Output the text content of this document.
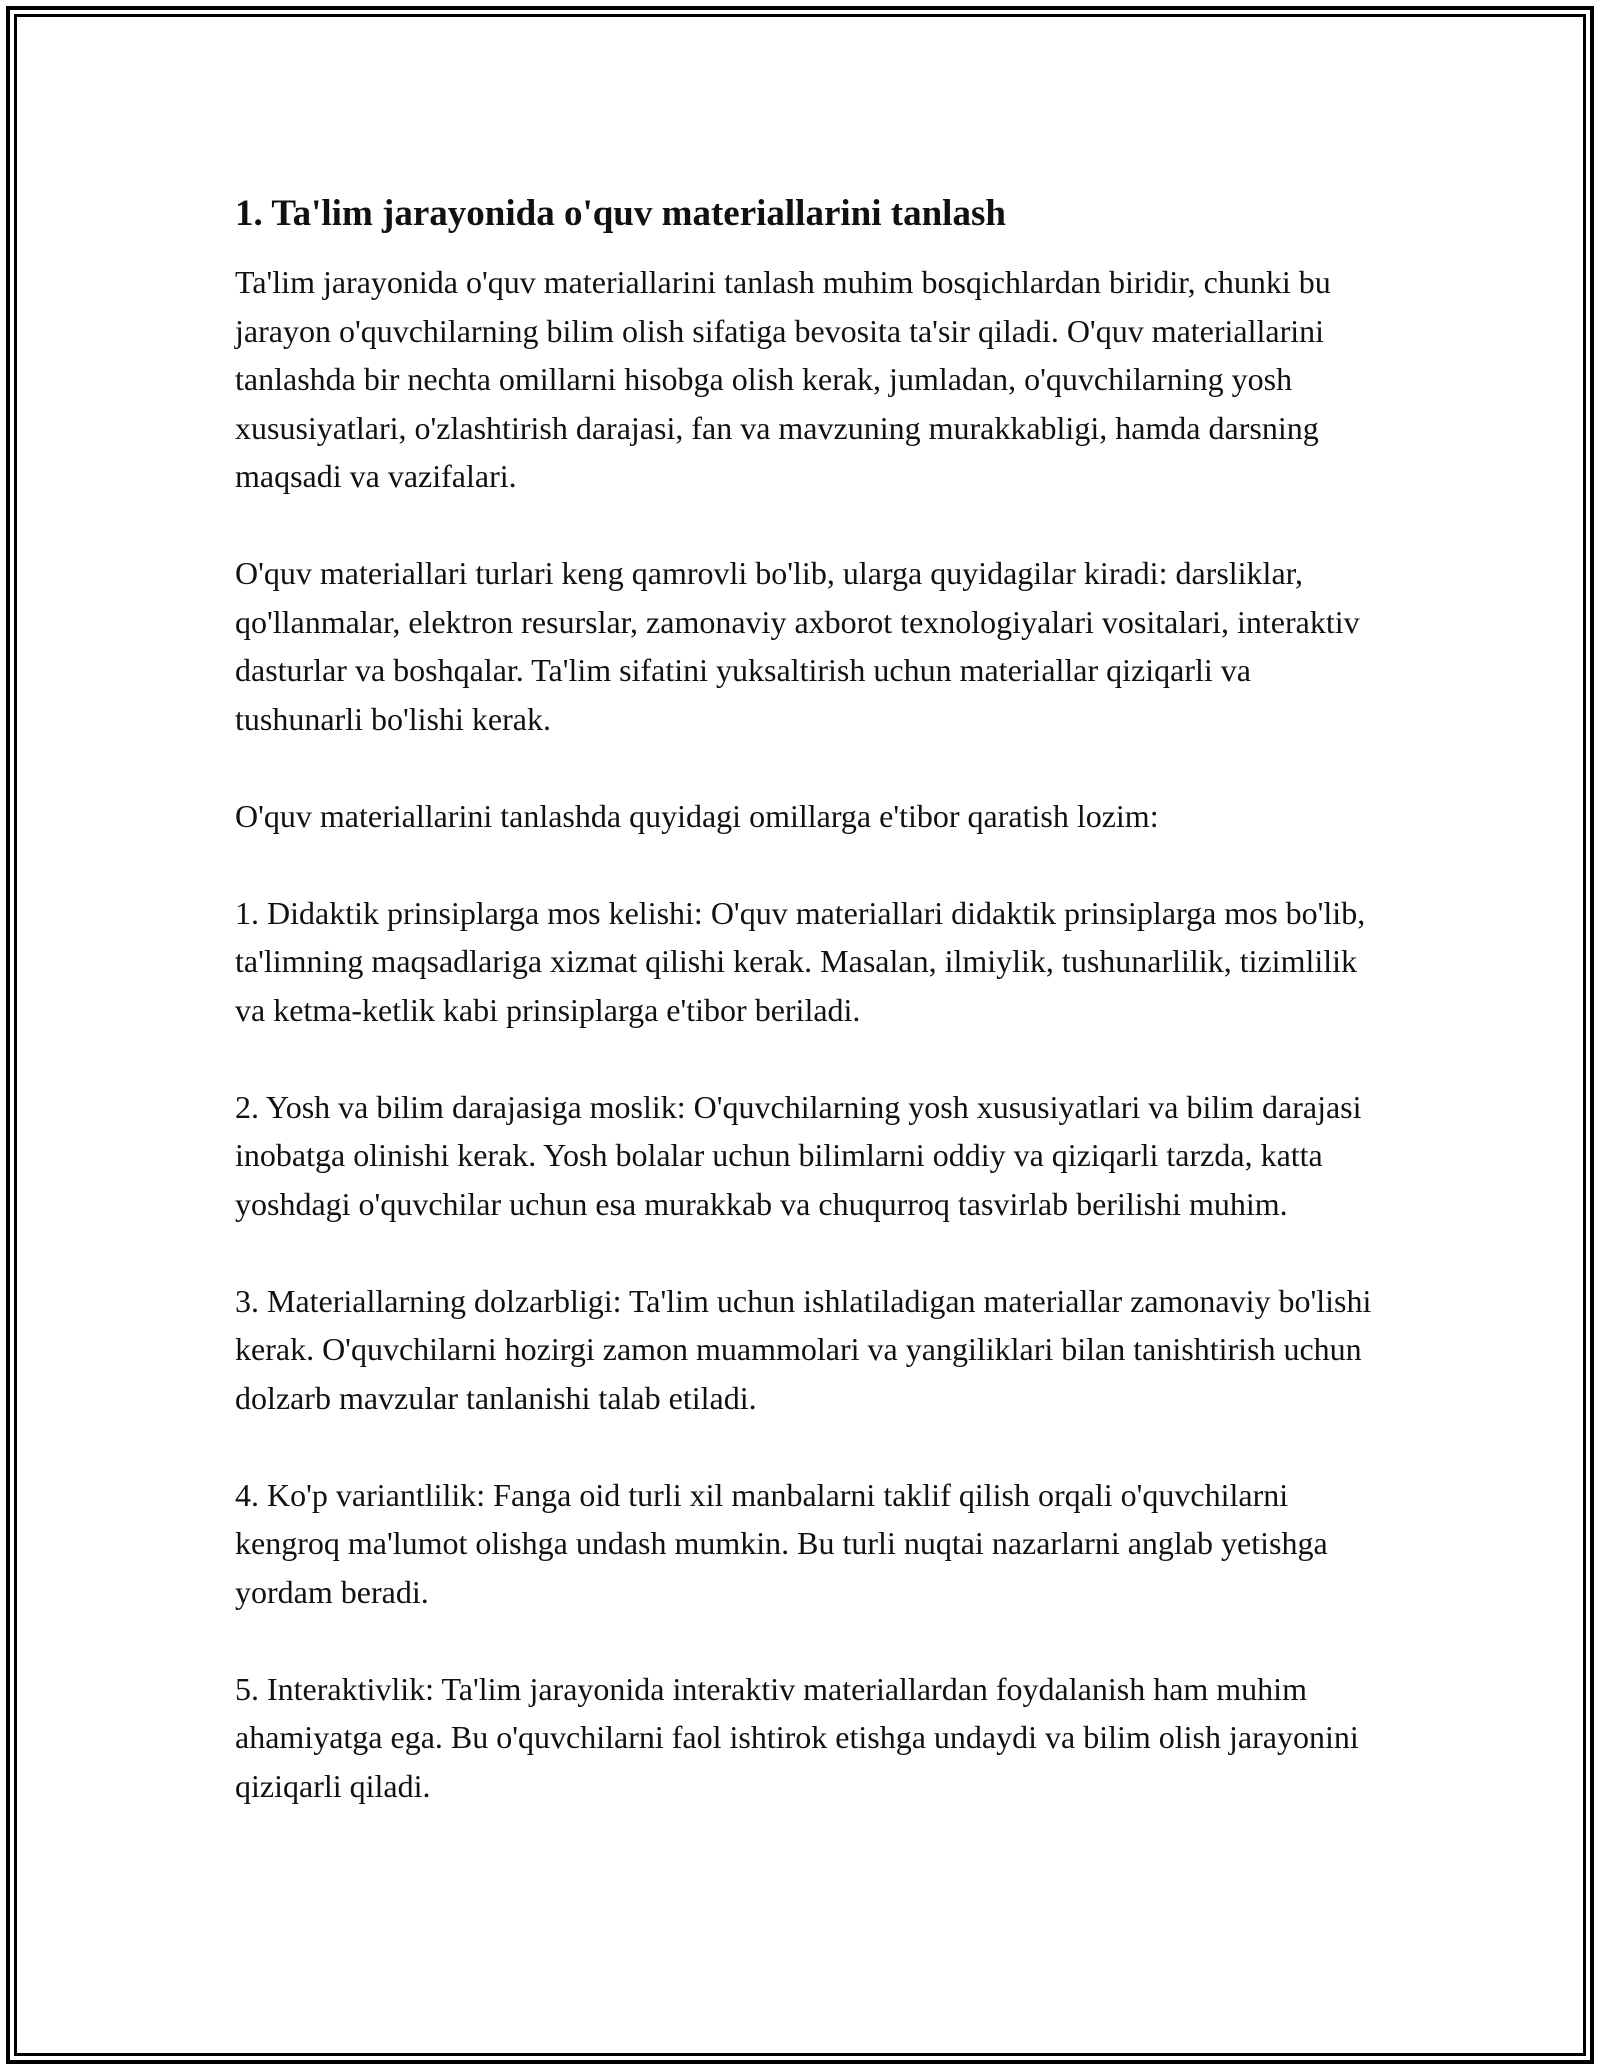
1. Ta'lim jarayonida o'quv materiallarini tanlash

Ta'lim jarayonida o'quv materiallarini tanlash muhim bosqichlardan biridir, chunki bu jarayon o'quvchilarning bilim olish sifatiga bevosita ta'sir qiladi. O'quv materiallarini tanlashda bir nechta omillarni hisobga olish kerak, jumladan, o'quvchilarning yosh xususiyatlari, o'zlashtirish darajasi, fan va mavzuning murakkabligi, hamda darsning maqsadi va vazifalari.

O'quv materiallari turlari keng qamrovli bo'lib, ularga quyidagilar kiradi: darsliklar, qo'llanmalar, elektron resurslar, zamonaviy axborot texnologiyalari vositalari, interaktiv dasturlar va boshqalar. Ta'lim sifatini yuksaltirish uchun materiallar qiziqarli va tushunarli bo'lishi kerak.

O'quv materiallarini tanlashda quyidagi omillarga e'tibor qaratish lozim:

1. Didaktik prinsiplarga mos kelishi: O'quv materiallari didaktik prinsiplarga mos bo'lib, ta'limning maqsadlariga xizmat qilishi kerak. Masalan, ilmiylik, tushunarlilik, tizimlilik va ketma-ketlik kabi prinsiplarga e'tibor beriladi.

2. Yosh va bilim darajasiga moslik: O'quvchilarning yosh xususiyatlari va bilim darajasi inobatga olinishi kerak. Yosh bolalar uchun bilimlarni oddiy va qiziqarli tarzda, katta yoshdagi o'quvchilar uchun esa murakkab va chuqurroq tasvirlab berilishi muhim.

3. Materiallarning dolzarbligi: Ta'lim uchun ishlatiladigan materiallar zamonaviy bo'lishi kerak. O'quvchilarni hozirgi zamon muammolari va yangiliklari bilan tanishtirish uchun dolzarb mavzular tanlanishi talab etiladi.

4. Ko'p variantlilik: Fanga oid turli xil manbalarni taklif qilish orqali o'quvchilarni kengroq ma'lumot olishga undash mumkin. Bu turli nuqtai nazarlarni anglab yetishga yordam beradi.

5. Interaktivlik: Ta'lim jarayonida interaktiv materiallardan foydalanish ham muhim ahamiyatga ega. Bu o'quvchilarni faol ishtirok etishga undaydi va bilim olish jarayonini qiziqarli qiladi.
